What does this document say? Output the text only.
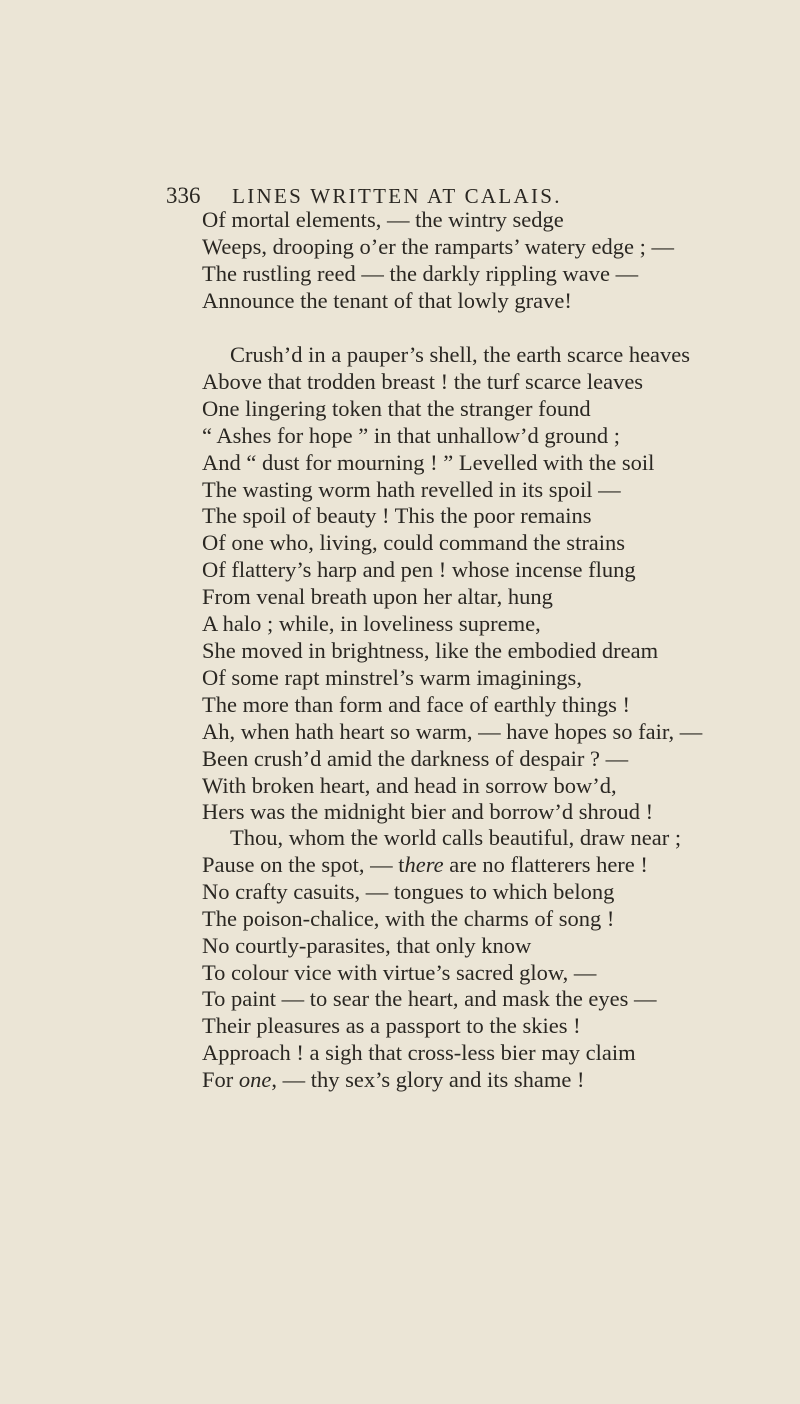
336 LINES WRITTEN AT CALAIS.
Of mortal elements, — the wintry sedge
Weeps, drooping o’er the ramparts’ watery edge ; —
The rustling reed — the darkly rippling wave —
Announce the tenant of that lowly grave!
Crush’d in a pauper’s shell, the earth scarce heaves
Above that trodden breast ! the turf scarce leaves
One lingering token that the stranger found
“ Ashes for hope ” in that unhallow’d ground ;
And “ dust for mourning ! ” Levelled with the soil
The wasting worm hath revelled in its spoil —
The spoil of beauty ! This the poor remains
Of one who, living, could command the strains
Of flattery’s harp and pen ! whose incense flung
From venal breath upon her altar, hung
A halo ; while, in loveliness supreme,
She moved in brightness, like the embodied dream
Of some rapt minstrel’s warm imaginings,
The more than form and face of earthly things !
Ah, when hath heart so warm, — have hopes so fair, —
Been crush’d amid the darkness of despair ? —
With broken heart, and head in sorrow bow’d,
Hers was the midnight bier and borrow’d shroud !
Thou, whom the world calls beautiful, draw near ;
Pause on the spot, — there are no flatterers here !
No crafty casuits, — tongues to which belong
The poison-chalice, with the charms of song !
No courtly-parasites, that only know
To colour vice with virtue’s sacred glow, —
To paint — to sear the heart, and mask the eyes —
Their pleasures as a passport to the skies !
Approach ! a sigh that cross-less bier may claim
For one, — thy sex’s glory and its shame !
